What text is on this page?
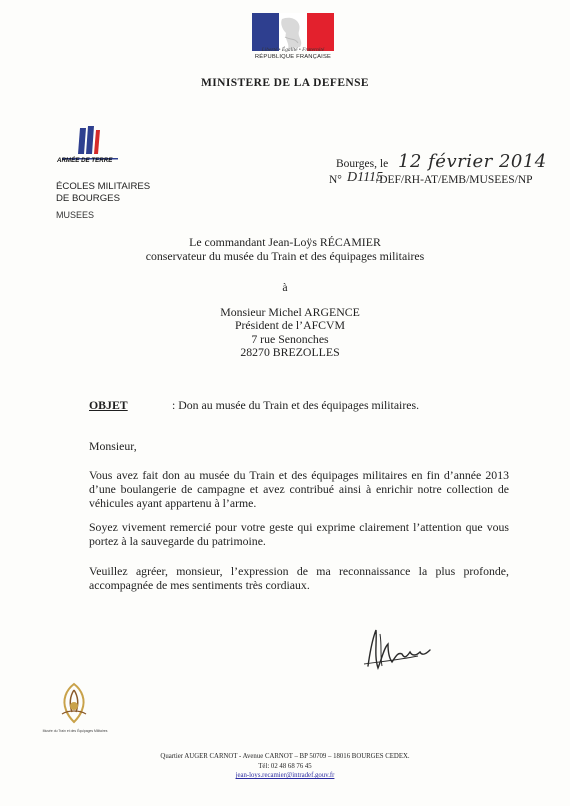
Liberté • Égalité • Fraternité
RÉPUBLIQUE FRANÇAISE
MINISTERE DE LA DEFENSE
ARMÉE DE TERRE
ÉCOLES MILITAIRES
DE BOURGES
MUSEES
Bourges, le 12 février 2014
N° D1115
/DEF/RH-AT/EMB/MUSEES/NP
Le commandant Jean-Loÿs RÉCAMIER
conservateur du musée du Train et des équipages militaires
à
Monsieur Michel ARGENCE
Président de l’AFCVM
7 rue Senonches
28270 BREZOLLES
OBJET	: Don au musée du Train et des équipages militaires.
Monsieur,
Vous avez fait don au musée du Train et des équipages militaires en fin d’année 2013 d’une boulangerie de campagne et avez contribué ainsi à enrichir notre collection de véhicules ayant appartenu à l’arme.
Soyez vivement remercié pour votre geste qui exprime clairement l’attention que vous portez à la sauvegarde du patrimoine.
Veuillez agréer, monsieur, l’expression de ma reconnaissance la plus profonde, accompagnée de mes sentiments très cordiaux.
Musée du Train et des Équipages Militaires
Quartier AUGER CARNOT - Avenue CARNOT – BP 50709 – 18016 BOURGES CEDEX.
Tél: 02 48 68 76 45
jean-loys.recamier@intradef.gouv.fr
